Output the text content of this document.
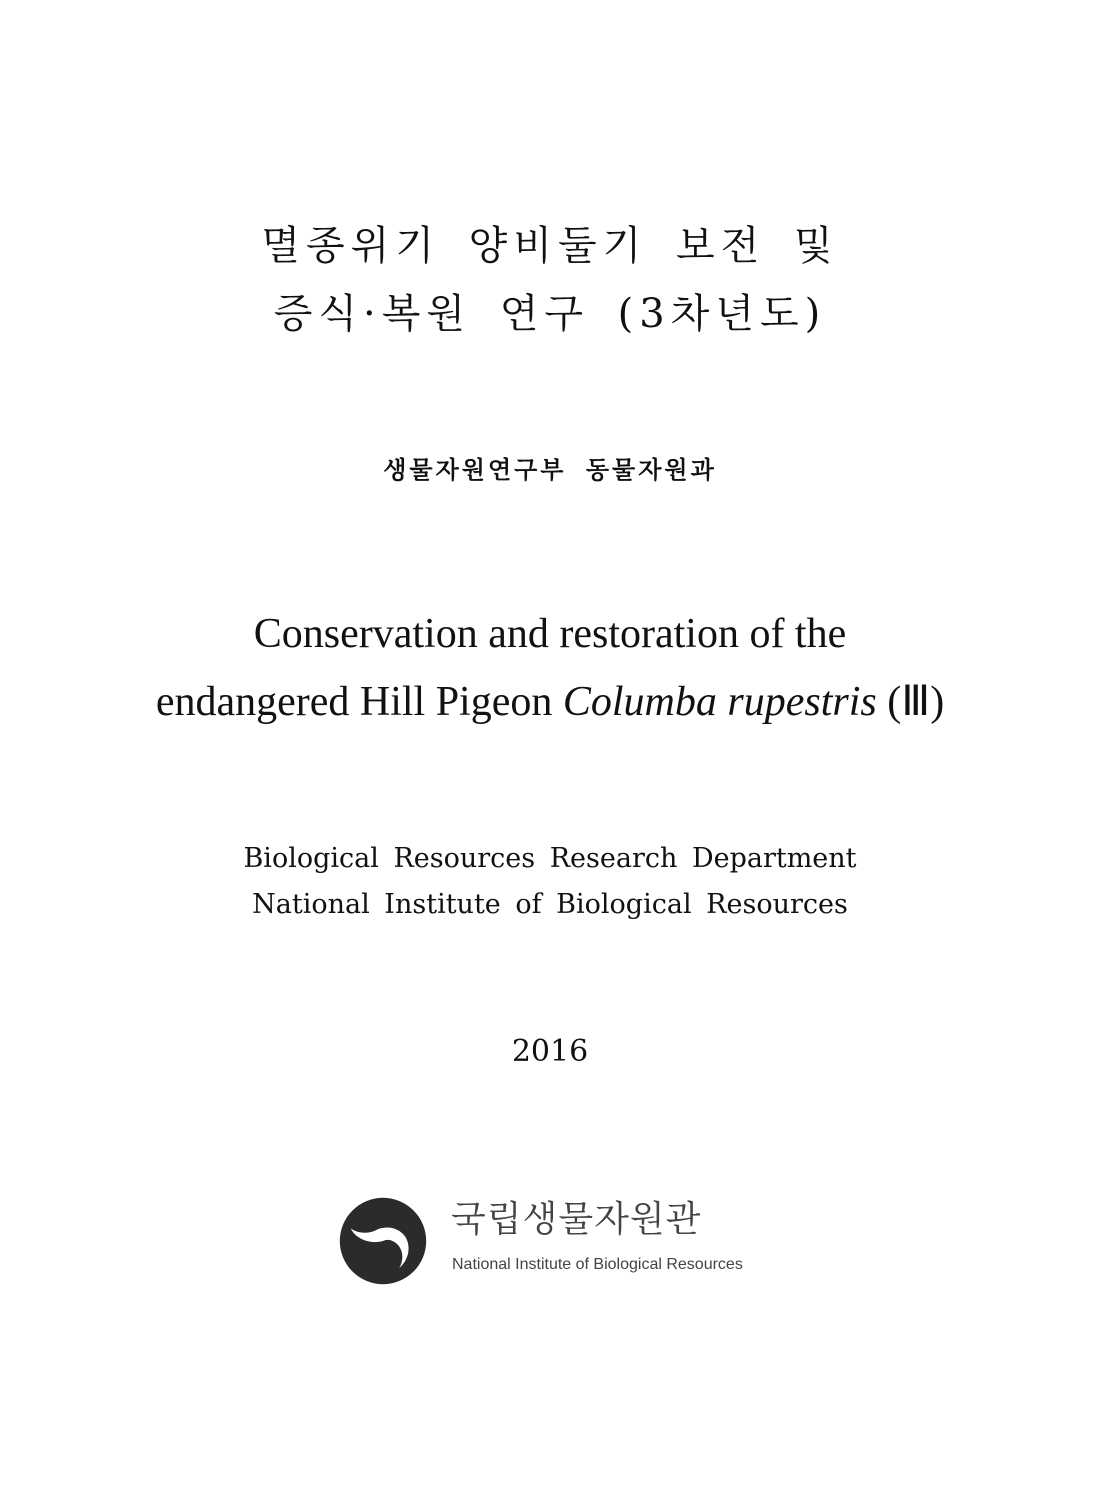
멸종위기 양비둘기 보전 및
증식·복원 연구 (3차년도)
생물자원연구부 동물자원과
Conservation and restoration of the
endangered Hill Pigeon Columba rupestris (Ⅲ)
Biological Resources Research Department
National Institute of Biological Resources
2016
국립생물자원관
National Institute of Biological Resources
